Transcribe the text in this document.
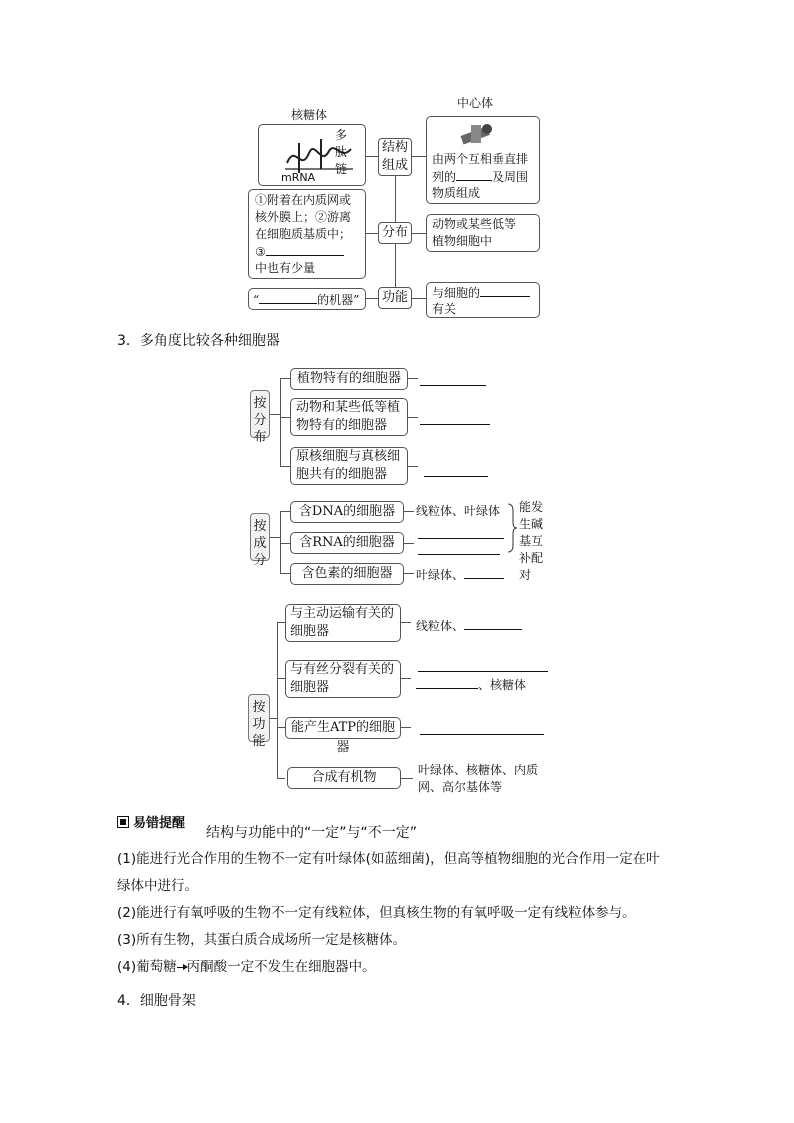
核糖体
中心体
多
肽
链
mRNA
结构
组成
分布
功能
由两个互相垂直排
列的	及周围
物质组成
①附着在内质网或
核外膜上；②游离
在细胞质基质中；
③
中也有少量
动物或某些低等
植物细胞中
“	的机器”	与细胞的
有关
3．多角度比较各种细胞器
按
分
布
植物特有的细胞器
动物和某些低等植
物特有的细胞器
原核细胞与真核细
胞共有的细胞器
按
成
分
含DNA的细胞器	线粒体、叶绿体
含RNA的细胞器
含色素的细胞器	叶绿体、
能发
生碱
基互
补配
对
按
功
能
与主动运输有关的
细胞器	线粒体、
与有丝分裂有关的
细胞器	、核糖体
能产生ATP的细胞器
合成有机物	叶绿体、核糖体、内质
网、高尔基体等
易错提醒
结构与功能中的“一定”与“不一定”
(1)能进行光合作用的生物不一定有叶绿体(如蓝细菌)，但高等植物细胞的光合作用一定在叶
绿体中进行。
(2)能进行有氧呼吸的生物不一定有线粒体，但真核生物的有氧呼吸一定有线粒体参与。
(3)所有生物，其蛋白质合成场所一定是核糖体。
(4)葡萄糖 丙酮酸一定不发生在细胞器中。
4．细胞骨架
